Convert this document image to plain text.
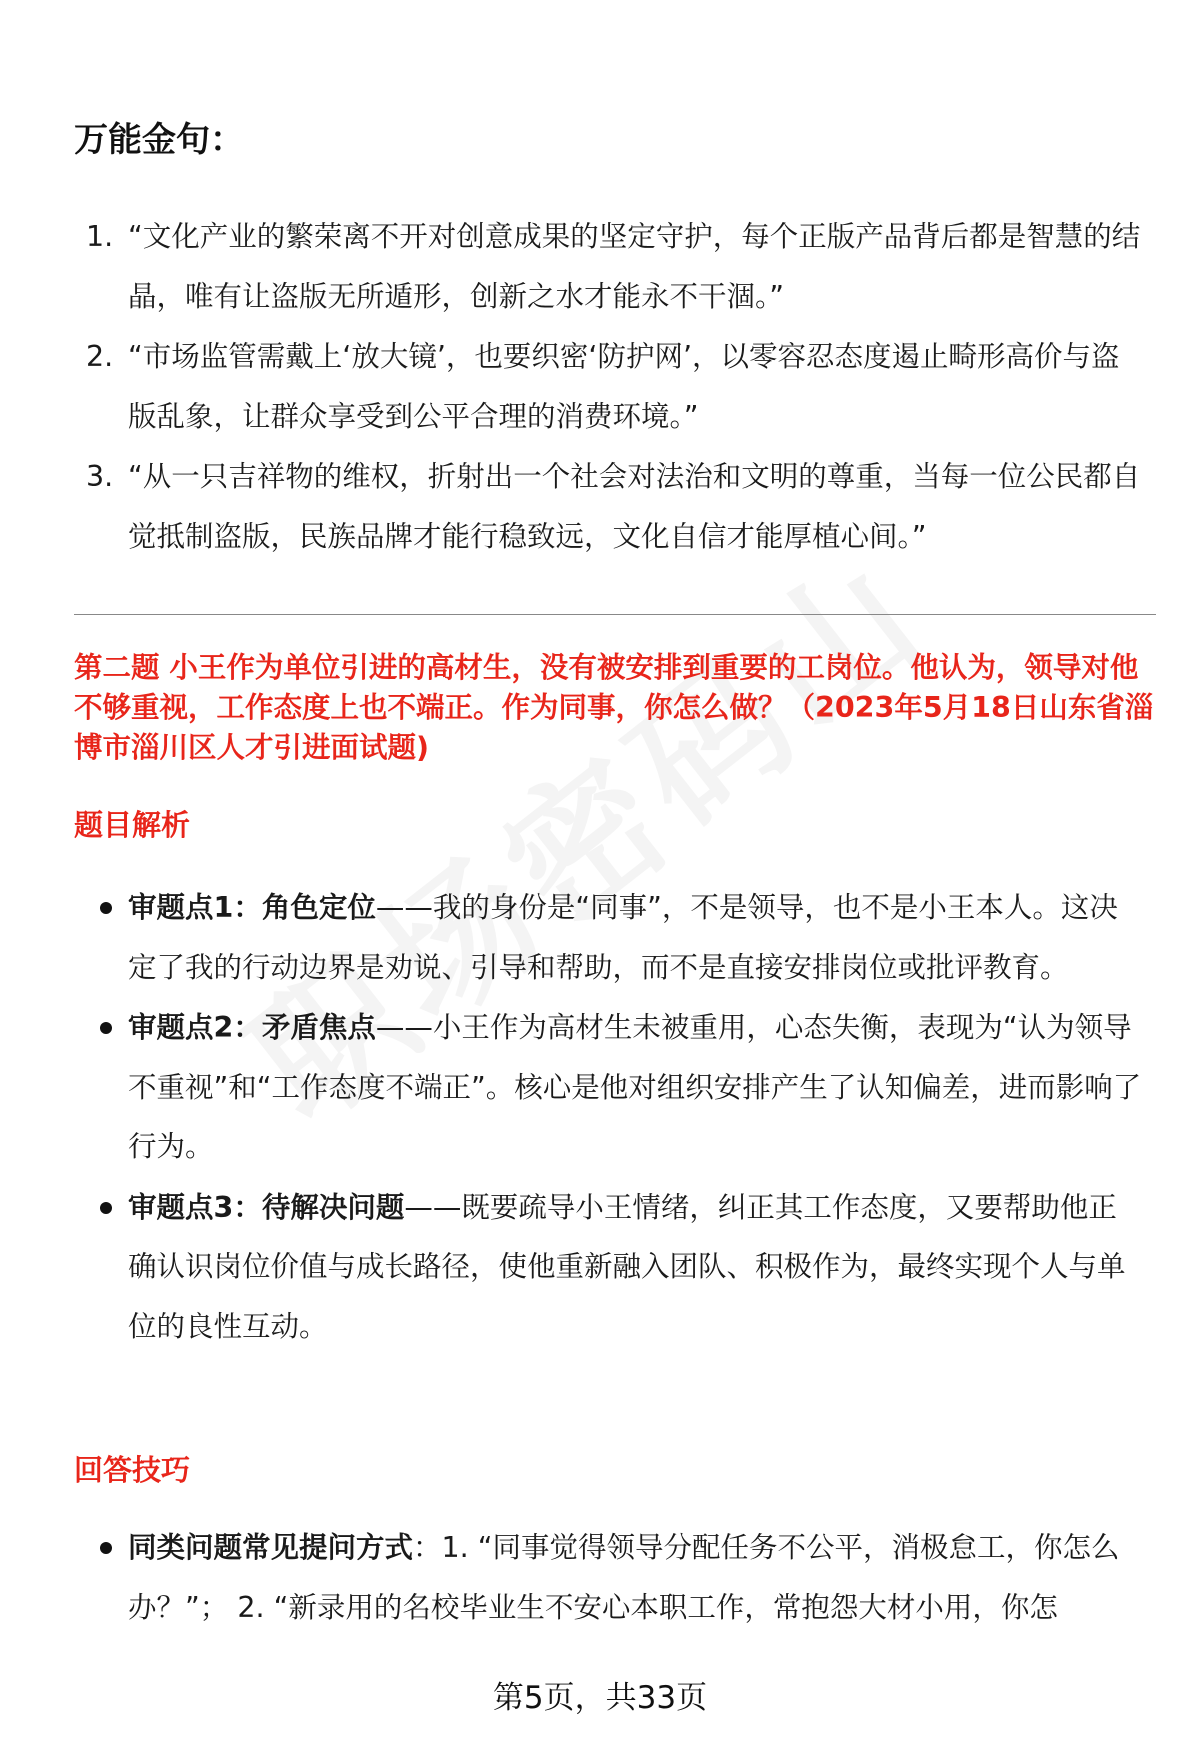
万能金句：
1. “文化产业的繁荣离不开对创意成果的坚定守护，每个正版产品背后都是智慧的结晶，唯有让盗版无所遁形，创新之水才能永不干涸。”
2. “市场监管需戴上‘放大镜’，也要织密‘防护网’，以零容忍态度遏止畸形高价与盗版乱象，让群众享受到公平合理的消费环境。”
3. “从一只吉祥物的维权，折射出一个社会对法治和文明的尊重，当每一位公民都自觉抵制盗版，民族品牌才能行稳致远，文化自信才能厚植心间。”
第二题 小王作为单位引进的高材生，没有被安排到重要的工岗位。他认为，领导对他不够重视，工作态度上也不端正。作为同事，你怎么做？（2023年5月18日山东省淄博市淄川区人才引进面试题)
题目解析
审题点1：角色定位——我的身份是“同事”，不是领导，也不是小王本人。这决定了我的行动边界是劝说、引导和帮助，而不是直接安排岗位或批评教育。
审题点2：矛盾焦点——小王作为高材生未被重用，心态失衡，表现为“认为领导不重视”和“工作态度不端正”。核心是他对组织安排产生了认知偏差，进而影响了行为。
审题点3：待解决问题——既要疏导小王情绪，纠正其工作态度，又要帮助他正确认识岗位价值与成长路径，使他重新融入团队、积极作为，最终实现个人与单位的良性互动。
回答技巧
同类问题常见提问方式：1. “同事觉得领导分配任务不公平，消极怠工，你怎么办？”； 2. “新录用的名校毕业生不安心本职工作，常抱怨大材小用，你怎
第5页，共33页
